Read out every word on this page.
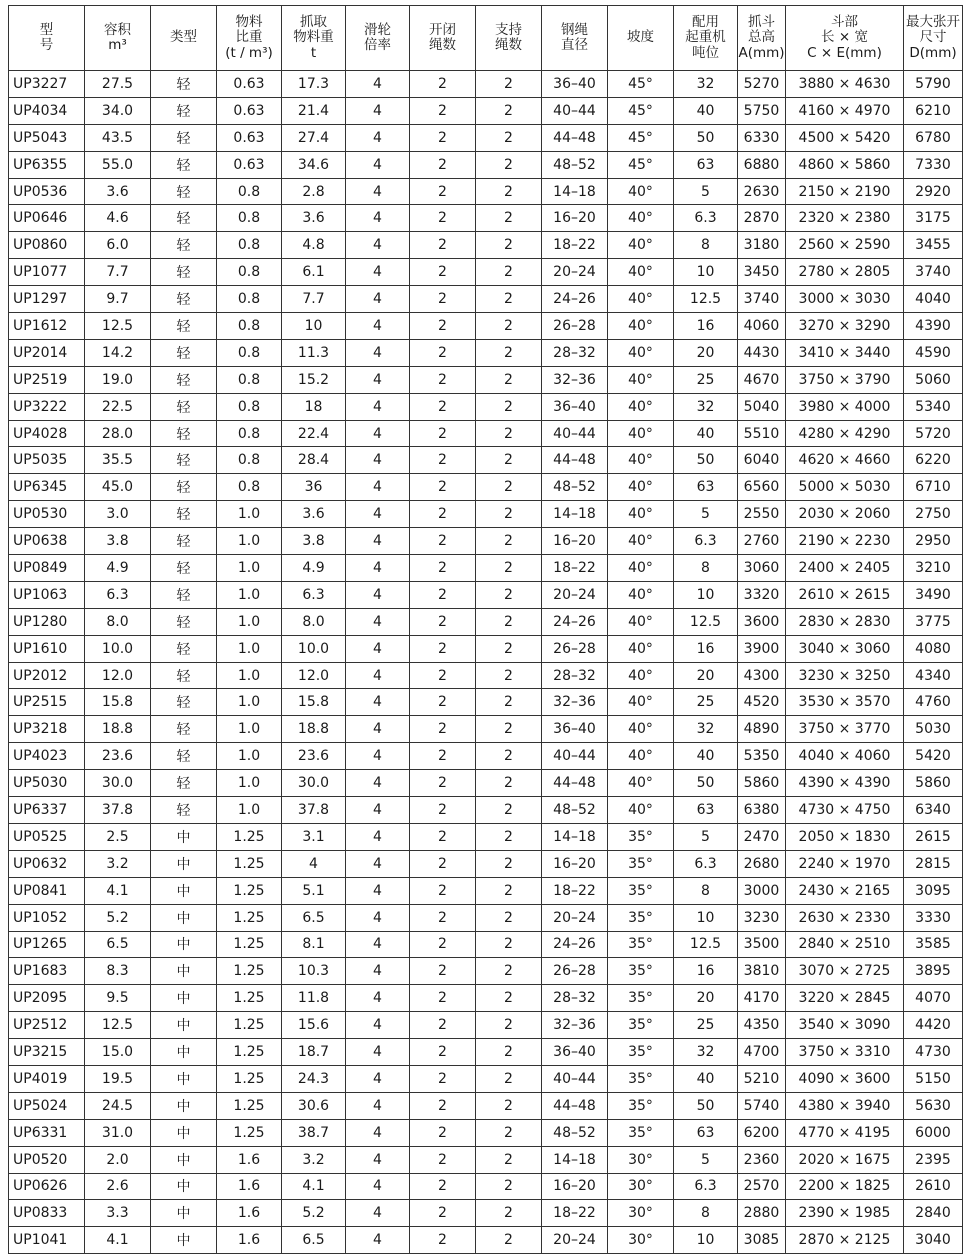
型
号	容积
m³	类型	物料
比重
(t / m³)	抓取
物料重
t	滑轮
倍率	开闭
绳数	支持
绳数	钢绳
直径	坡度	配用
起重机
吨位	抓斗
总高
A(mm)	斗部
长 × 宽
C × E(mm)	最大张开
尺寸
D(mm)

UP3227	27.5	轻	0.63	17.3	4	2	2	36–40	45°	32	5270	3880 × 4630	5790
UP4034	34.0	轻	0.63	21.4	4	2	2	40–44	45°	40	5750	4160 × 4970	6210
UP5043	43.5	轻	0.63	27.4	4	2	2	44–48	45°	50	6330	4500 × 5420	6780
UP6355	55.0	轻	0.63	34.6	4	2	2	48–52	45°	63	6880	4860 × 5860	7330
UP0536	3.6	轻	0.8	2.8	4	2	2	14–18	40°	5	2630	2150 × 2190	2920
UP0646	4.6	轻	0.8	3.6	4	2	2	16–20	40°	6.3	2870	2320 × 2380	3175
UP0860	6.0	轻	0.8	4.8	4	2	2	18–22	40°	8	3180	2560 × 2590	3455
UP1077	7.7	轻	0.8	6.1	4	2	2	20–24	40°	10	3450	2780 × 2805	3740
UP1297	9.7	轻	0.8	7.7	4	2	2	24–26	40°	12.5	3740	3000 × 3030	4040
UP1612	12.5	轻	0.8	10	4	2	2	26–28	40°	16	4060	3270 × 3290	4390
UP2014	14.2	轻	0.8	11.3	4	2	2	28–32	40°	20	4430	3410 × 3440	4590
UP2519	19.0	轻	0.8	15.2	4	2	2	32–36	40°	25	4670	3750 × 3790	5060
UP3222	22.5	轻	0.8	18	4	2	2	36–40	40°	32	5040	3980 × 4000	5340
UP4028	28.0	轻	0.8	22.4	4	2	2	40–44	40°	40	5510	4280 × 4290	5720
UP5035	35.5	轻	0.8	28.4	4	2	2	44–48	40°	50	6040	4620 × 4660	6220
UP6345	45.0	轻	0.8	36	4	2	2	48–52	40°	63	6560	5000 × 5030	6710
UP0530	3.0	轻	1.0	3.6	4	2	2	14–18	40°	5	2550	2030 × 2060	2750
UP0638	3.8	轻	1.0	3.8	4	2	2	16–20	40°	6.3	2760	2190 × 2230	2950
UP0849	4.9	轻	1.0	4.9	4	2	2	18–22	40°	8	3060	2400 × 2405	3210
UP1063	6.3	轻	1.0	6.3	4	2	2	20–24	40°	10	3320	2610 × 2615	3490
UP1280	8.0	轻	1.0	8.0	4	2	2	24–26	40°	12.5	3600	2830 × 2830	3775
UP1610	10.0	轻	1.0	10.0	4	2	2	26–28	40°	16	3900	3040 × 3060	4080
UP2012	12.0	轻	1.0	12.0	4	2	2	28–32	40°	20	4300	3230 × 3250	4340
UP2515	15.8	轻	1.0	15.8	4	2	2	32–36	40°	25	4520	3530 × 3570	4760
UP3218	18.8	轻	1.0	18.8	4	2	2	36–40	40°	32	4890	3750 × 3770	5030
UP4023	23.6	轻	1.0	23.6	4	2	2	40–44	40°	40	5350	4040 × 4060	5420
UP5030	30.0	轻	1.0	30.0	4	2	2	44–48	40°	50	5860	4390 × 4390	5860
UP6337	37.8	轻	1.0	37.8	4	2	2	48–52	40°	63	6380	4730 × 4750	6340
UP0525	2.5	中	1.25	3.1	4	2	2	14–18	35°	5	2470	2050 × 1830	2615
UP0632	3.2	中	1.25	4	4	2	2	16–20	35°	6.3	2680	2240 × 1970	2815
UP0841	4.1	中	1.25	5.1	4	2	2	18–22	35°	8	3000	2430 × 2165	3095
UP1052	5.2	中	1.25	6.5	4	2	2	20–24	35°	10	3230	2630 × 2330	3330
UP1265	6.5	中	1.25	8.1	4	2	2	24–26	35°	12.5	3500	2840 × 2510	3585
UP1683	8.3	中	1.25	10.3	4	2	2	26–28	35°	16	3810	3070 × 2725	3895
UP2095	9.5	中	1.25	11.8	4	2	2	28–32	35°	20	4170	3220 × 2845	4070
UP2512	12.5	中	1.25	15.6	4	2	2	32–36	35°	25	4350	3540 × 3090	4420
UP3215	15.0	中	1.25	18.7	4	2	2	36–40	35°	32	4700	3750 × 3310	4730
UP4019	19.5	中	1.25	24.3	4	2	2	40–44	35°	40	5210	4090 × 3600	5150
UP5024	24.5	中	1.25	30.6	4	2	2	44–48	35°	50	5740	4380 × 3940	5630
UP6331	31.0	中	1.25	38.7	4	2	2	48–52	35°	63	6200	4770 × 4195	6000
UP0520	2.0	中	1.6	3.2	4	2	2	14–18	30°	5	2360	2020 × 1675	2395
UP0626	2.6	中	1.6	4.1	4	2	2	16–20	30°	6.3	2570	2200 × 1825	2610
UP0833	3.3	中	1.6	5.2	4	2	2	18–22	30°	8	2880	2390 × 1985	2840
UP1041	4.1	中	1.6	6.5	4	2	2	20–24	30°	10	3085	2870 × 2125	3040
